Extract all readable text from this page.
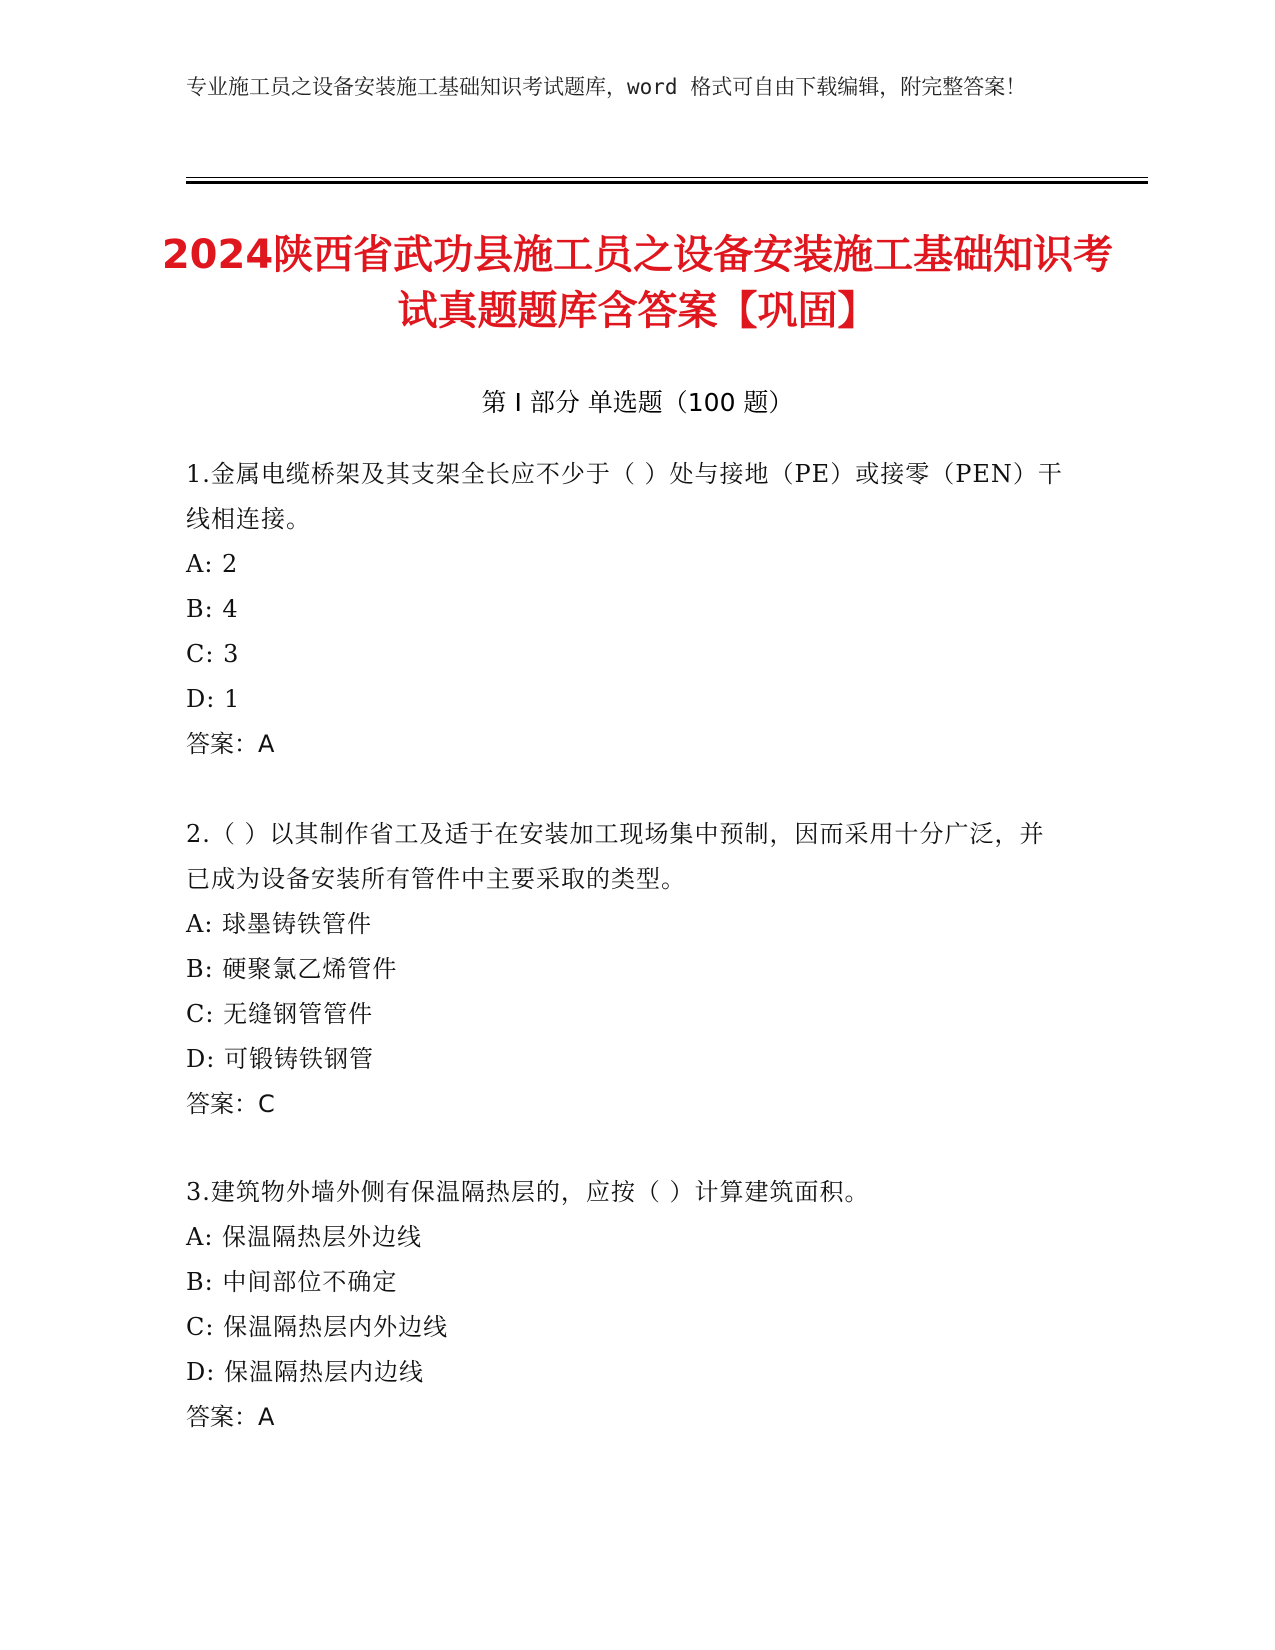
专业施工员之设备安装施工基础知识考试题库，word 格式可自由下载编辑，附完整答案！
2024陕西省武功县施工员之设备安装施工基础知识考试真题题库含答案【巩固】
第 I 部分 单选题（100 题）
1.金属电缆桥架及其支架全长应不少于（ ）处与接地（PE）或接零（PEN）干线相连接。
A: 2
B: 4
C: 3
D: 1
答案：A
2.（ ）以其制作省工及适于在安装加工现场集中预制，因而采用十分广泛，并已成为设备安装所有管件中主要采取的类型。
A: 球墨铸铁管件
B: 硬聚氯乙烯管件
C: 无缝钢管管件
D: 可锻铸铁钢管
答案：C
3.建筑物外墙外侧有保温隔热层的，应按（ ）计算建筑面积。
A: 保温隔热层外边线
B: 中间部位不确定
C: 保温隔热层内外边线
D: 保温隔热层内边线
答案：A
